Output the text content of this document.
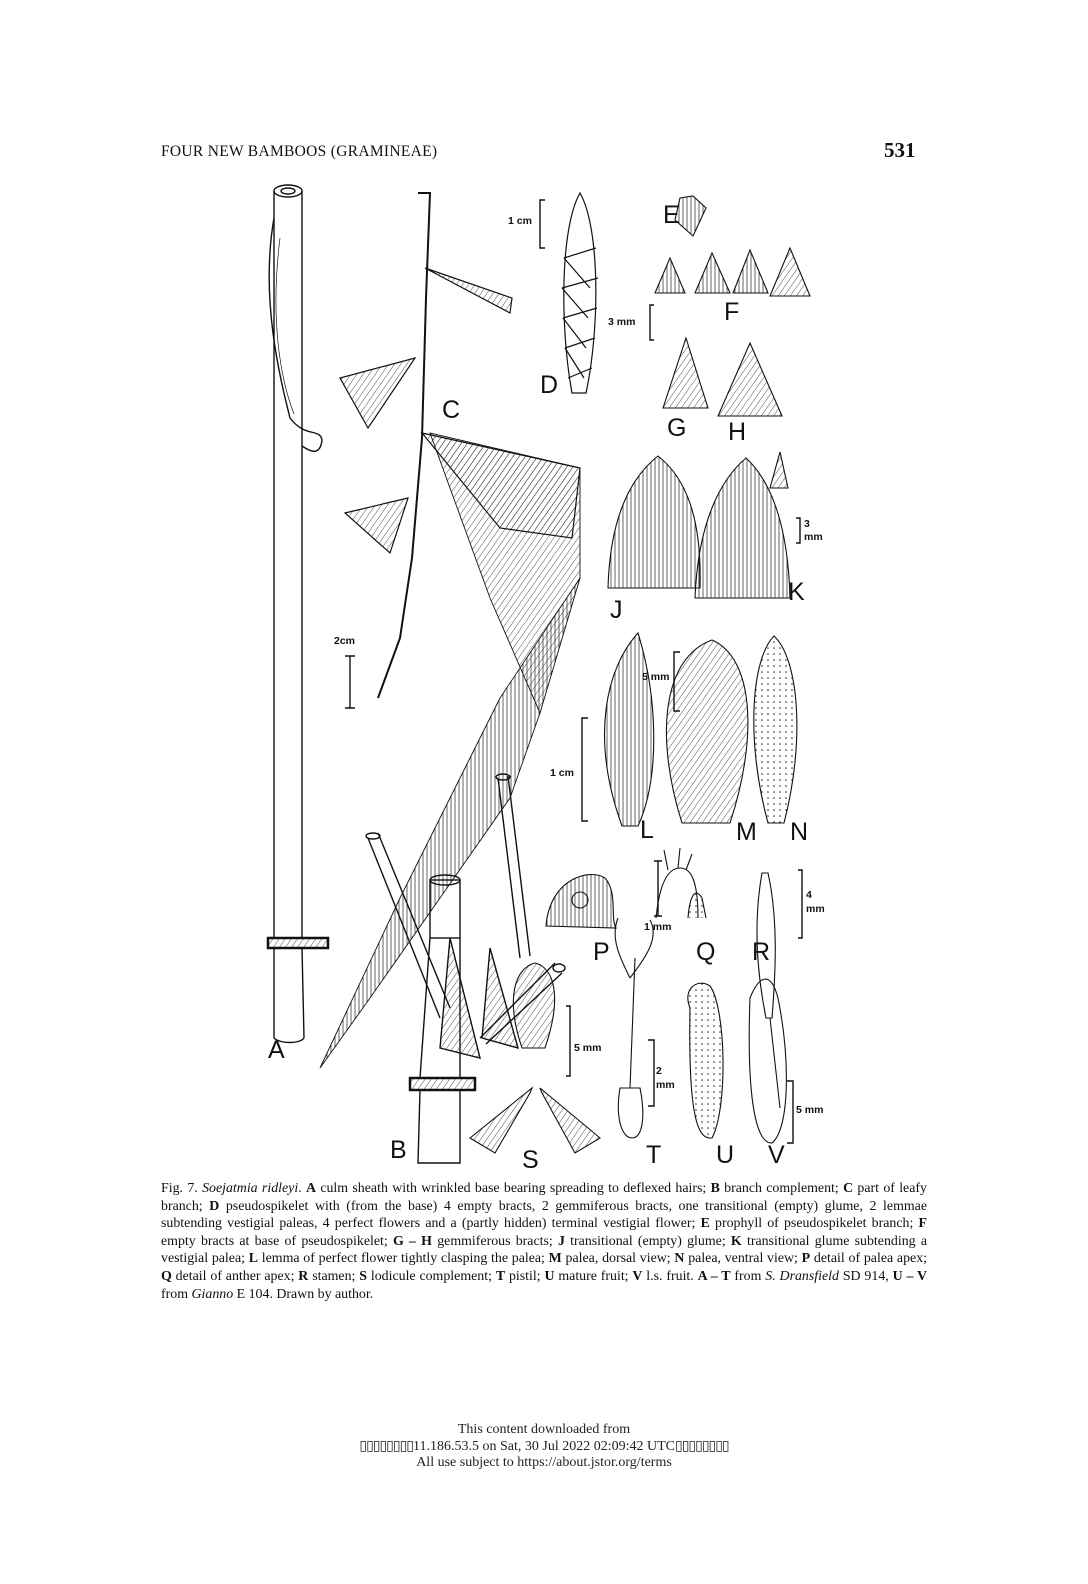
FOUR NEW BAMBOOS (GRAMINEAE)	531
A
B
C
D
E
F
G H
J
K
L	M N
P	Q R
S	T U V
2cm
1 cm
3 mm
3
mm
5 mm
1 cm
1 mm
4
mm
5 mm
2
mm
5 mm
Fig. 7. Soejatmia ridleyi. A culm sheath with wrinkled base bearing spreading to deflexed hairs; B branch complement; C part of leafy branch; D pseudospikelet with (from the base) 4 empty bracts, 2 gemmiferous bracts, one transitional (empty) glume, 2 lemmae subtending vestigial paleas, 4 perfect flowers and a (partly hidden) terminal vestigial flower; E prophyll of pseudospikelet branch; F empty bracts at base of pseudospikelet; G – H gemmiferous bracts; J transitional (empty) glume; K transitional glume subtending a vestigial palea; L lemma of perfect flower tightly clasping the palea; M palea, dorsal view; N palea, ventral view; P detail of palea apex; Q detail of anther apex; R stamen; S lodicule complement; T pistil; U mature fruit; V l.s. fruit. A – T from S. Dransfield SD 914, U – V from Gianno E 104. Drawn by author.
This content downloaded from
▯▯▯▯▯▯▯▯11.186.53.5 on Sat, 30 Jul 2022 02:09:42 UTC▯▯▯▯▯▯▯▯
All use subject to https://about.jstor.org/terms
